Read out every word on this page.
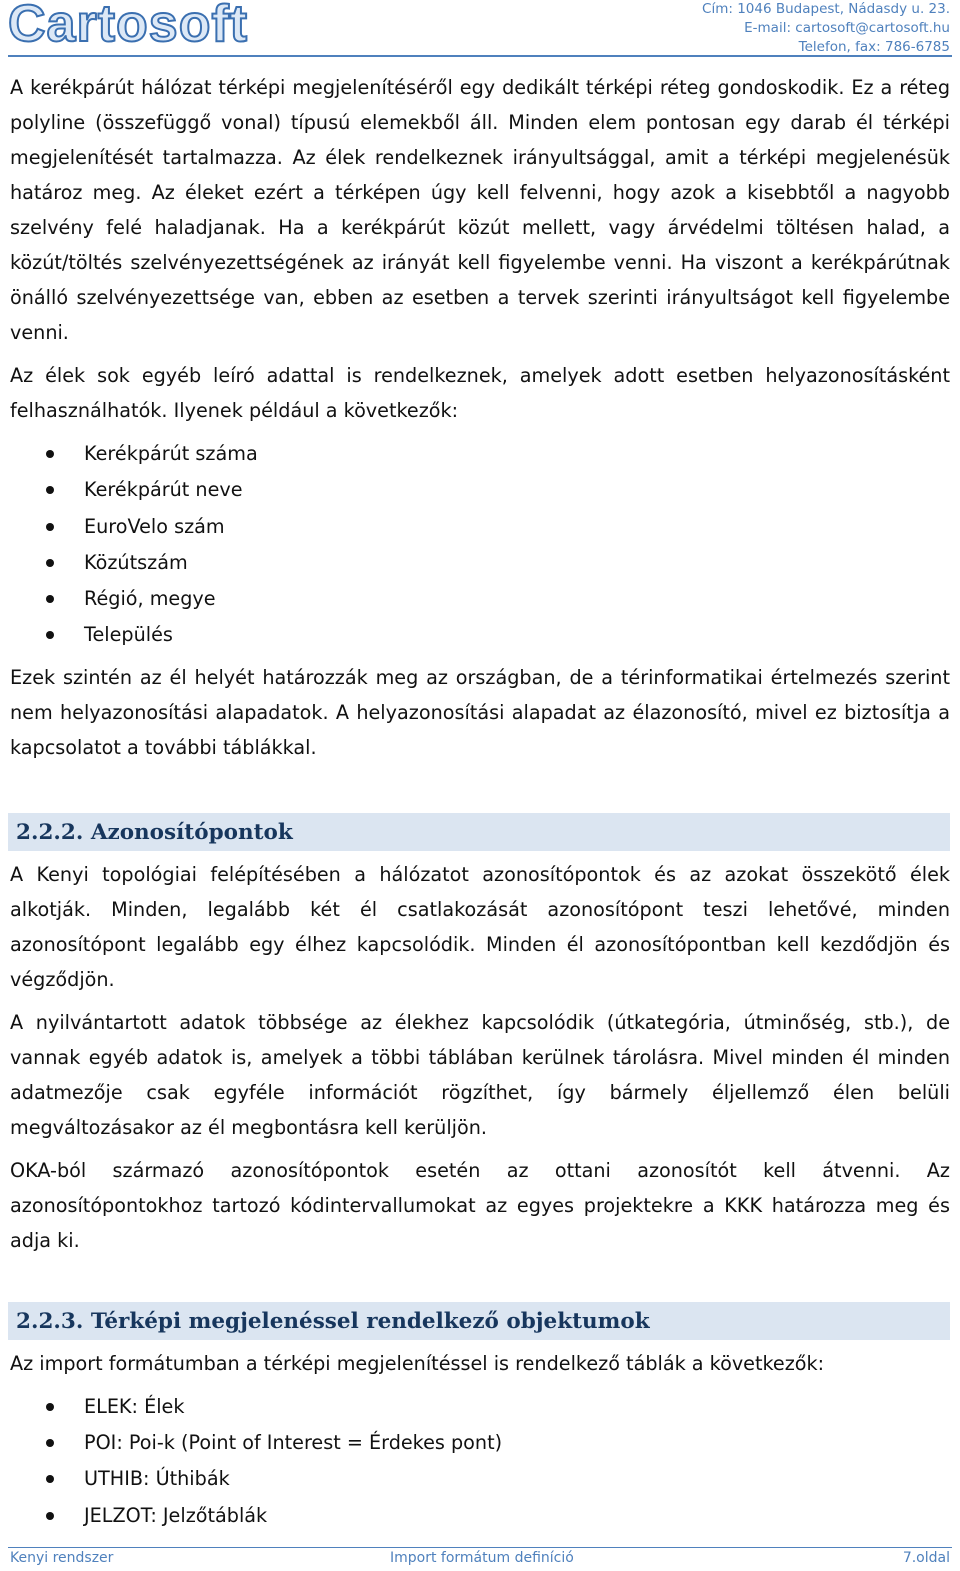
Cartosoft	Cím: 1046 Budapest, Nádasdy u. 23.
E-mail: cartosoft@cartosoft.hu
Telefon, fax: 786-6785

A kerékpárút hálózat térképi megjelenítéséről egy dedikált térképi réteg gondoskodik. Ez a réteg polyline (összefüggő vonal) típusú elemekből áll. Minden elem pontosan egy darab él térképi megjelenítését tartalmazza. Az élek rendelkeznek irányultsággal, amit a térképi megjelenésük határoz meg. Az éleket ezért a térképen úgy kell felvenni, hogy azok a kisebbtől a nagyobb szelvény felé haladjanak. Ha a kerékpárút közút mellett, vagy árvédelmi töltésen halad, a közút/töltés szelvényezettségének az irányát kell figyelembe venni. Ha viszont a kerékpárútnak önálló szelvényezettsége van, ebben az esetben a tervek szerinti irányultságot kell figyelembe venni.

Az élek sok egyéb leíró adattal is rendelkeznek, amelyek adott esetben helyazonosításként felhasználhatók. Ilyenek például a következők:

Kerékpárút száma
Kerékpárút neve
EuroVelo szám
Közútszám
Régió, megye
Település

Ezek szintén az él helyét határozzák meg az országban, de a térinformatikai értelmezés szerint nem helyazonosítási alapadatok. A helyazonosítási alapadat az élazonosító, mivel ez biztosítja a kapcsolatot a további táblákkal.

2.2.2. Azonosítópontok

A Kenyi topológiai felépítésében a hálózatot azonosítópontok és az azokat összekötő élek alkotják. Minden, legalább két él csatlakozását azonosítópont teszi lehetővé, minden azonosítópont legalább egy élhez kapcsolódik. Minden él azonosítópontban kell kezdődjön és végződjön.

A nyilvántartott adatok többsége az élekhez kapcsolódik (útkategória, útminőség, stb.), de vannak egyéb adatok is, amelyek a többi táblában kerülnek tárolásra. Mivel minden él minden adatmezője csak egyféle információt rögzíthet, így bármely éljellemző élen belüli megváltozásakor az él megbontásra kell kerüljön.

OKA-ból származó azonosítópontok esetén az ottani azonosítót kell átvenni. Az azonosítópontokhoz tartozó kódintervallumokat az egyes projektekre a KKK határozza meg és adja ki.

2.2.3. Térképi megjelenéssel rendelkező objektumok

Az import formátumban a térképi megjelenítéssel is rendelkező táblák a következők:

ELEK: Élek
POI: Poi-k (Point of Interest = Érdekes pont)
UTHIB: Úthibák
JELZOT: Jelzőtáblák
Kenyi rendszer	Import formátum definíció	7.oldal
